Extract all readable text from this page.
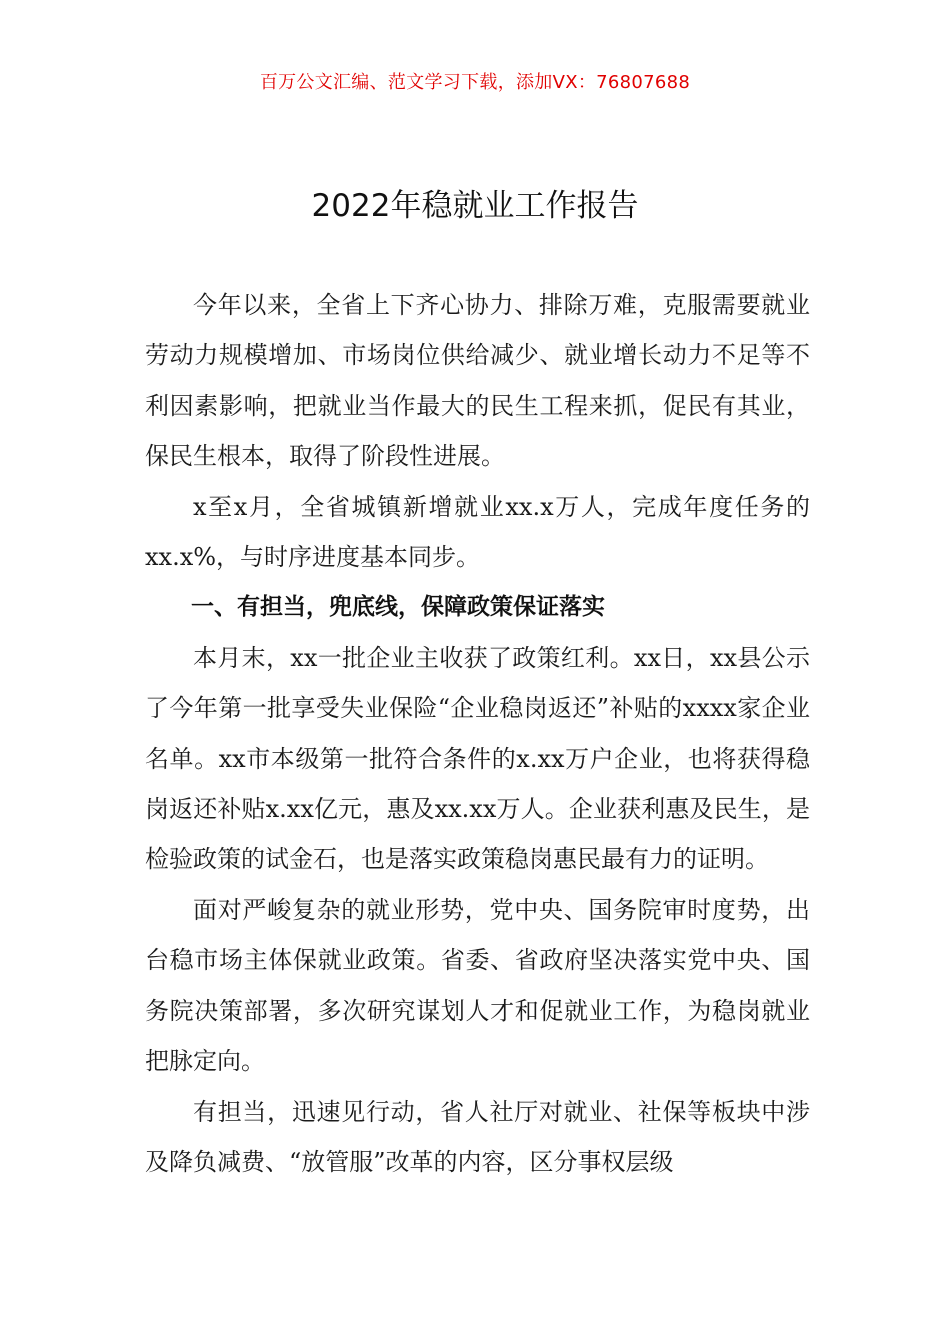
百万公文汇编、范文学习下载，添加VX：76807688
2022年稳就业工作报告

今年以来，全省上下齐心协力、排除万难，克服需要就业劳动力规模增加、市场岗位供给减少、就业增长动力不足等不利因素影响，把就业当作最大的民生工程来抓，促民有其业，保民生根本，取得了阶段性进展。

x至x月，全省城镇新增就业xx.x万人，完成年度任务的xx.x%，与时序进度基本同步。

一、有担当，兜底线，保障政策保证落实

本月末，xx一批企业主收获了政策红利。xx日，xx县公示了今年第一批享受失业保险“企业稳岗返还”补贴的xxxx家企业名单。xx市本级第一批符合条件的x.xx万户企业，也将获得稳岗返还补贴x.xx亿元，惠及xx.xx万人。企业获利惠及民生，是检验政策的试金石，也是落实政策稳岗惠民最有力的证明。

面对严峻复杂的就业形势，党中央、国务院审时度势，出台稳市场主体保就业政策。省委、省政府坚决落实党中央、国务院决策部署，多次研究谋划人才和促就业工作，为稳岗就业把脉定向。

有担当，迅速见行动，省人社厅对就业、社保等板块中涉及降负减费、“放管服”改革的内容，区分事权层级
